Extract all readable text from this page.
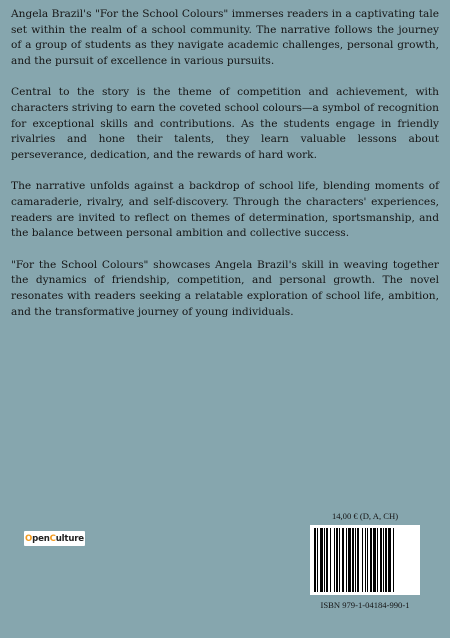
Angela Brazil's "For the School Colours" immerses readers in a captivating tale set within the realm of a school community. The narrative follows the journey of a group of students as they navigate academic challenges, personal growth, and the pursuit of excellence in various pursuits.

Central to the story is the theme of competition and achievement, with characters striving to earn the coveted school colours—a symbol of recognition for exceptional skills and contributions. As the students engage in friendly rivalries and hone their talents, they learn valuable lessons about perseverance, dedication, and the rewards of hard work.

The narrative unfolds against a backdrop of school life, blending moments of camaraderie, rivalry, and self-discovery. Through the characters' experiences, readers are invited to reflect on themes of determination, sportsmanship, and the balance between personal ambition and collective success.

"For the School Colours" showcases Angela Brazil's skill in weaving together the dynamics of friendship, competition, and personal growth. The novel resonates with readers seeking a relatable exploration of school life, ambition, and the transformative journey of young individuals.

O pen C ulture
14,00 € (D, A, CH)
ISBN 979-1-04184-990-1
